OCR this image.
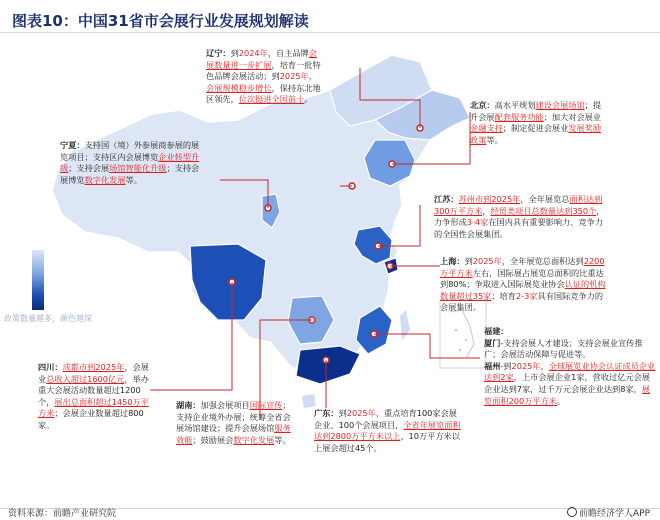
图表10：中国31省市会展行业发展规划解读
辽宁：到2024年，自主品牌会展数量进一步扩展，培育一批特色品牌会展活动；到2025年，会展规模稳步增长，保持东北地区领先，位次挺进全国前十。
北京：高水平规划建设会展场馆；提升会展配套服务功能；加大对会展业金融支持；制定促进会展业发展奖励政策等。
宁夏：支持国（境）外参展商参展的展览项目；支持区内会展博览企业转型升级；支持会展场馆智能化升级；支持会展博览数字化发展等。
江苏：苏州市到2025年，全年展览总面积达到300万平方米，经贸类项目总数量达到350个，力争形成3-4家在国内具有重要影响力、竞争力的全国性会展集团。
上海：到2025年，全年展览总面积达到2200万平方米左右，国际展占展览总面积的比重达到80%；争取进入国际展览业协会认证的机构数量超过35家；培育2-3家具有国际竞争力的会展集团。
福建：
厦门-支持会展人才建设；支持会展业宣传推广；会展活动保障与促进等。
福州-到2025年，全球展览业协会认证成员企业达到2家，上市会展企业1家，营收过亿元会展企业达到7家，过千万元会展企业达到8家，展览面积200万平方米。
四川：成都市到2025年，会展业总收入超过1600亿元，举办重大会展活动数量超过1200个，展出总面积超过1450万平方米；会展企业数量超过800家。
湖南：加强会展项目国际宣传；支持企业境外办展；统筹全省会展场馆建设；提升会展场馆服务效能；鼓励展会数字化发展等。
广东：到2025年，重点培育100家会展企业、100个会展项目，全省年展览面积达到2800万平方米以上、10万平方米以上展会超过45个。
政策数量越多，颜色越深
资料来源：前瞻产业研究院	前瞻经济学人APP
